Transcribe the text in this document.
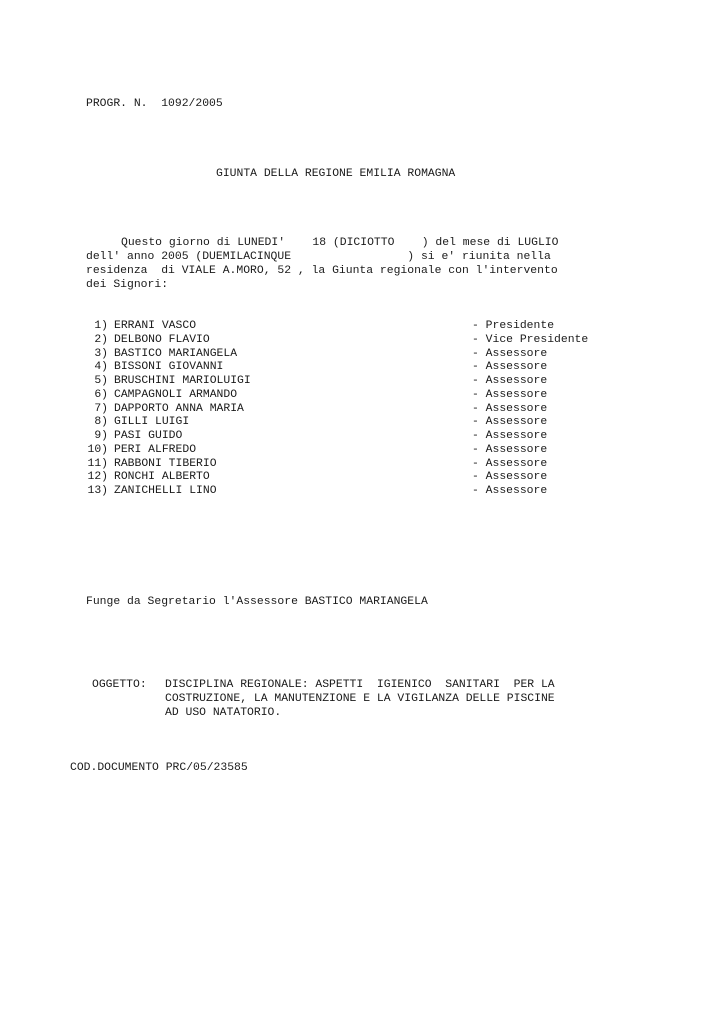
PROGR. N.  1092/2005
GIUNTA DELLA REGIONE EMILIA ROMAGNA
Questo giorno di LUNEDI'    18 (DICIOTTO    ) del mese di LUGLIO
dell' anno 2005 (DUEMILACINQUE                 ) si e' riunita nella
residenza  di VIALE A.MORO, 52 , la Giunta regionale con l'intervento
dei Signori:
1) ERRANI VASCO	- Presidente
2) DELBONO FLAVIO	- Vice Presidente
3) BASTICO MARIANGELA	- Assessore
4) BISSONI GIOVANNI	- Assessore
5) BRUSCHINI MARIOLUIGI	- Assessore
6) CAMPAGNOLI ARMANDO	- Assessore
7) DAPPORTO ANNA MARIA	- Assessore
8) GILLI LUIGI	- Assessore
9) PASI GUIDO	- Assessore
10) PERI ALFREDO	- Assessore
11) RABBONI TIBERIO	- Assessore
12) RONCHI ALBERTO	- Assessore
13) ZANICHELLI LINO	- Assessore
Funge da Segretario l'Assessore BASTICO MARIANGELA
OGGETTO: DISCIPLINA REGIONALE: ASPETTI  IGIENICO  SANITARI  PER LA
COSTRUZIONE, LA MANUTENZIONE E LA VIGILANZA DELLE PISCINE
AD USO NATATORIO.
COD.DOCUMENTO PRC/05/23585
